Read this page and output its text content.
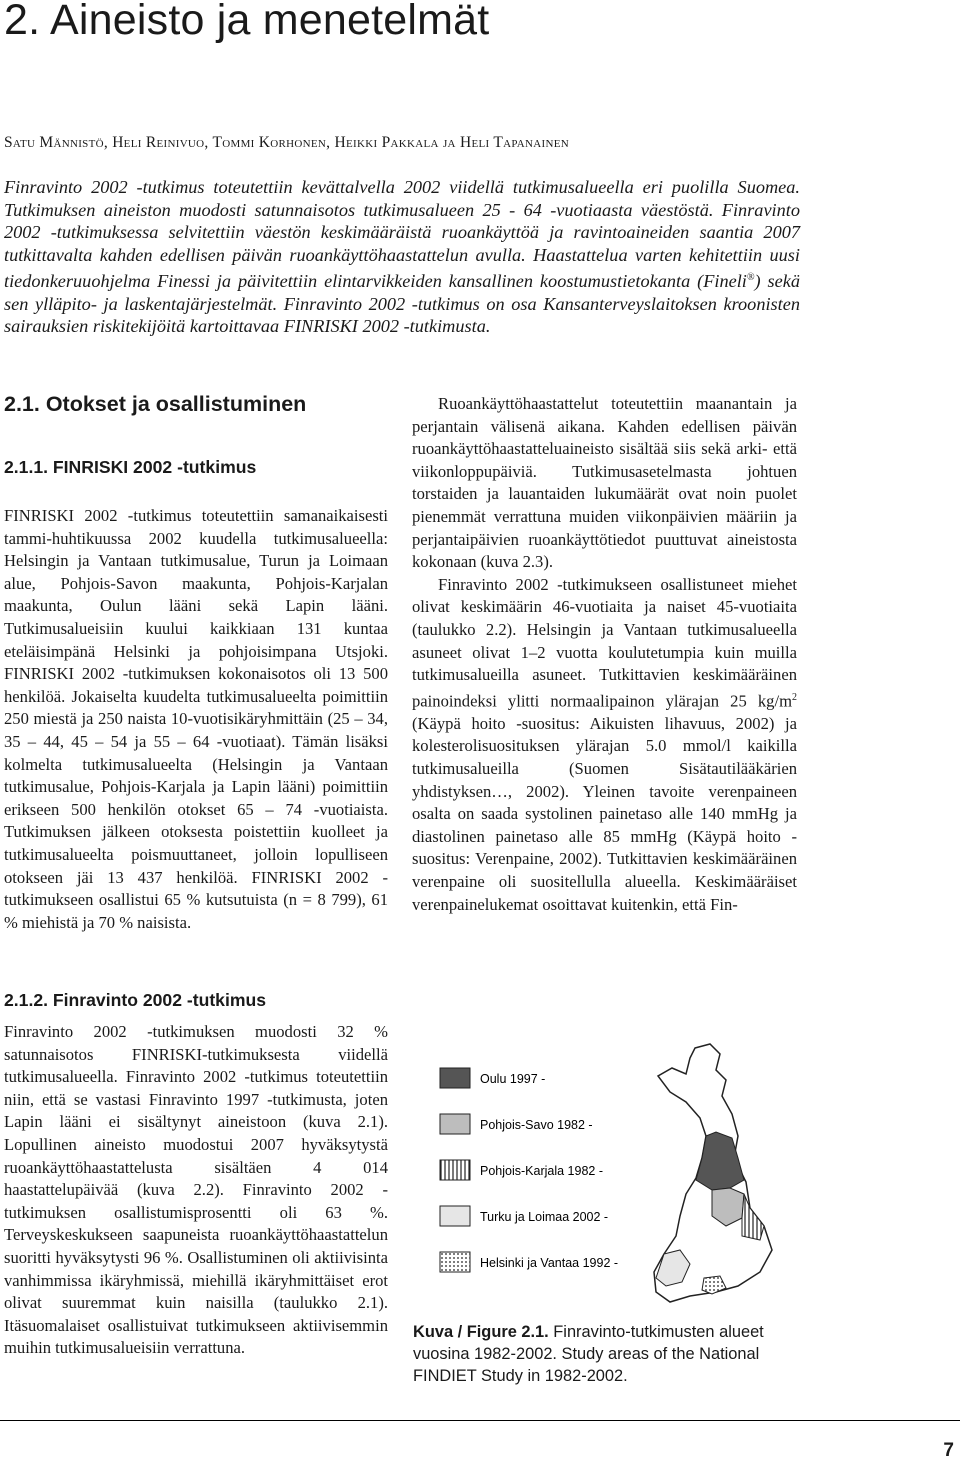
2. Aineisto ja menetelmät
Satu Männistö, Heli Reinivuo, Tommi Korhonen, Heikki Pakkala ja Heli Tapanainen

Finravinto 2002 -tutkimus toteutettiin kevättalvella 2002 viidellä tutkimusalueella eri puolilla Suomea. Tutkimuksen aineiston muodosti satunnaisotos tutkimusalueen 25 - 64 -vuotiaasta väestöstä. Finravinto 2002 -tutkimuksessa selvitettiin väestön keskimääräistä ruoankäyttöä ja ravintoaineiden saantia 2007 tutkittavalta kahden edellisen päivän ruoankäyttöhaastattelun avulla. Haastattelua varten kehitettiin uusi tiedonkeruuohjelma Finessi ja päivitettiin elintarvikkeiden kansallinen koostumustietokanta (Fineli®) sekä sen ylläpito- ja laskentajärjestelmät. Finravinto 2002 -tutkimus on osa Kansanterveyslaitoksen kroonisten sairauksien riskitekijöitä kartoittavaa FINRISKI 2002 -tutkimusta.

2.1. Otokset ja osallistuminen
2.1.1. FINRISKI 2002 -tutkimus

FINRISKI 2002 -tutkimus toteutettiin samanaikaisesti tammi-huhtikuussa 2002 kuudella tutkimusalueella: Helsingin ja Vantaan tutkimusalue, Turun ja Loimaan alue, Pohjois-Savon maakunta, Pohjois-Karjalan maakunta, Oulun lääni sekä Lapin lääni. Tutkimusalueisiin kuului kaikkiaan 131 kuntaa eteläisimpänä Helsinki ja pohjoisimpana Utsjoki. FINRISKI 2002 -tutkimuksen kokonaisotos oli 13 500 henkilöä. Jokaiselta kuudelta tutkimusalueelta poimittiin 250 miestä ja 250 naista 10-vuotisikäryhmittäin (25 – 34, 35 – 44, 45 – 54 ja 55 – 64 -vuotiaat). Tämän lisäksi kolmelta tutkimusalueelta (Helsingin ja Vantaan tutkimusalue, Pohjois-Karjala ja Lapin lääni) poimittiin erikseen 500 henkilön otokset 65 – 74 -vuotiaista. Tutkimuksen jälkeen otoksesta poistettiin kuolleet ja tutkimusalueelta poismuuttaneet, jolloin lopulliseen otokseen jäi 13 437 henkilöä. FINRISKI 2002 -tutkimukseen osallistui 65 % kutsutuista (n = 8 799), 61 % miehistä ja 70 % naisista.

2.1.2. Finravinto 2002 -tutkimus

Finravinto 2002 -tutkimuksen muodosti 32 % satunnaisotos FINRISKI-tutkimuksesta viidellä tutkimusalueella. Finravinto 2002 -tutkimus toteutettiin niin, että se vastasi Finravinto 1997 -tutkimusta, joten Lapin lääni ei sisältynyt aineistoon (kuva 2.1). Lopullinen aineisto muodostui 2007 hyväksytystä ruoankäyttöhaastattelusta sisältäen 4 014 haastattelupäivää (kuva 2.2). Finravinto 2002 -tutkimuksen osallistumisprosentti oli 63 %. Terveyskeskukseen saapuneista ruoankäyttöhaastattelun suoritti hyväksytysti 96 %. Osallistuminen oli aktiivisinta vanhimmissa ikäryhmissä, miehillä ikäryhmittäiset erot olivat suuremmat kuin naisilla (taulukko 2.1). Itäsuomalaiset osallistuivat tutkimukseen aktiivisemmin muihin tutkimusalueisiin verrattuna.

Ruoankäyttöhaastattelut toteutettiin maanantain ja perjantain välisenä aikana. Kahden edellisen päivän ruoankäyttöhaastatteluaineisto sisältää siis sekä arki- että viikonloppupäiviä. Tutkimusasetelmasta johtuen torstaiden ja lauantaiden lukumäärät ovat noin puolet pienemmät verrattuna muiden viikonpäivien määriin ja perjantaipäivien ruoankäyttötiedot puuttuvat aineistosta kokonaan (kuva 2.3).

Finravinto 2002 -tutkimukseen osallistuneet miehet olivat keskimäärin 46-vuotiaita ja naiset 45-vuotiaita (taulukko 2.2). Helsingin ja Vantaan tutkimusalueella asuneet olivat 1–2 vuotta koulutetumpia kuin muilla tutkimusalueilla asuneet. Tutkittavien keskimääräinen painoindeksi ylitti normaalipainon ylärajan 25 $kg/m^2$ (Käypä hoito -suositus: Aikuisten lihavuus, 2002) ja kolesterolisuosituksen ylärajan 5.0 mmol/l kaikilla tutkimusalueilla (Suomen Sisätautilääkärien yhdistyksen…, 2002). Yleinen tavoite verenpaineen osalta on saada systolinen painetaso alle 140 mmHg ja diastolinen painetaso alle 85 mmHg (Käypä hoito -suositus: Verenpaine, 2002). Tutkittavien keskimääräinen verenpaine oli suositellulla alueella. Keskimääräiset verenpainelukemat osoittavat kuitenkin, että Fin-

Oulu 1997 -
Pohjois-Savo 1982 -
Pohjois-Karjala 1982 -
Turku ja Loimaa 2002 -
Helsinki ja Vantaa 1992 -
Kuva / Figure 2.1. Finravinto-tutkimusten alueet vuosina 1982-2002. Study areas of the National FINDIET Study in 1982-2002.
7
